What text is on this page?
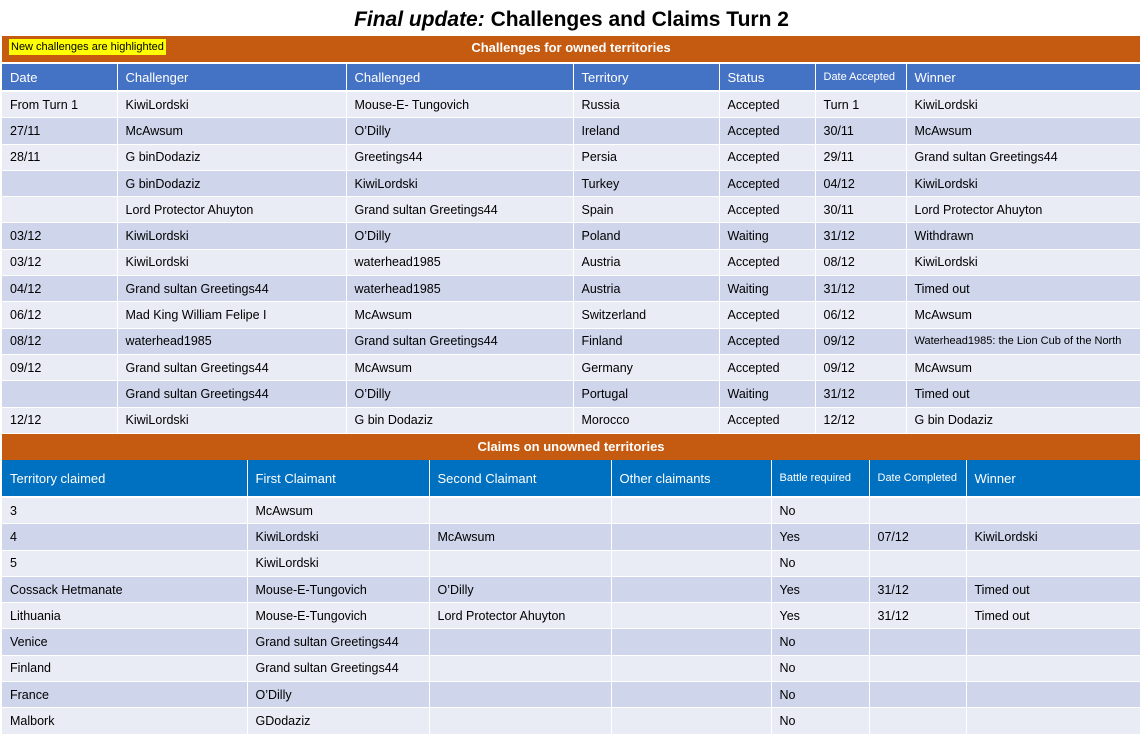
Final update: Challenges and Claims Turn 2
Challenges for owned territories
New challenges are highlighted
Date	Challenger	Challenged	Territory	Status	Date Accepted	Winner
From Turn 1	KiwiLordski	Mouse-E- Tungovich	Russia	Accepted	Turn 1	KiwiLordski
27/11	McAwsum	O’Dilly	Ireland	Accepted	30/11	McAwsum
28/11	G binDodaziz	Greetings44	Persia	Accepted	29/11	Grand sultan Greetings44
	G binDodaziz	KiwiLordski	Turkey	Accepted	04/12	KiwiLordski
	Lord Protector Ahuyton	Grand sultan Greetings44	Spain	Accepted	30/11	Lord Protector Ahuyton
03/12	KiwiLordski	O’Dilly	Poland	Waiting	31/12	Withdrawn
03/12	KiwiLordski	waterhead1985	Austria	Accepted	08/12	KiwiLordski
04/12	Grand sultan Greetings44	waterhead1985	Austria	Waiting	31/12	Timed out
06/12	Mad King William Felipe I	McAwsum	Switzerland	Accepted	06/12	McAwsum
08/12	waterhead1985	Grand sultan Greetings44	Finland	Accepted	09/12	Waterhead1985: the Lion Cub of the North
09/12	Grand sultan Greetings44	McAwsum	Germany	Accepted	09/12	McAwsum
	Grand sultan Greetings44	O’Dilly	Portugal	Waiting	31/12	Timed out
12/12	KiwiLordski	G bin Dodaziz	Morocco	Accepted	12/12	G bin Dodaziz
Claims on unowned territories
Territory claimed	First Claimant	Second Claimant	Other claimants	Battle required	Date Completed	Winner
3	McAwsum			No		
4	KiwiLordski	McAwsum		Yes	07/12	KiwiLordski
5	KiwiLordski			No		
Cossack Hetmanate	Mouse-E-Tungovich	O’Dilly		Yes	31/12	Timed out
Lithuania	Mouse-E-Tungovich	Lord Protector Ahuyton		Yes	31/12	Timed out
Venice	Grand sultan Greetings44			No		
Finland	Grand sultan Greetings44			No		
France	O’Dilly			No		
Malbork	GDodaziz			No		
